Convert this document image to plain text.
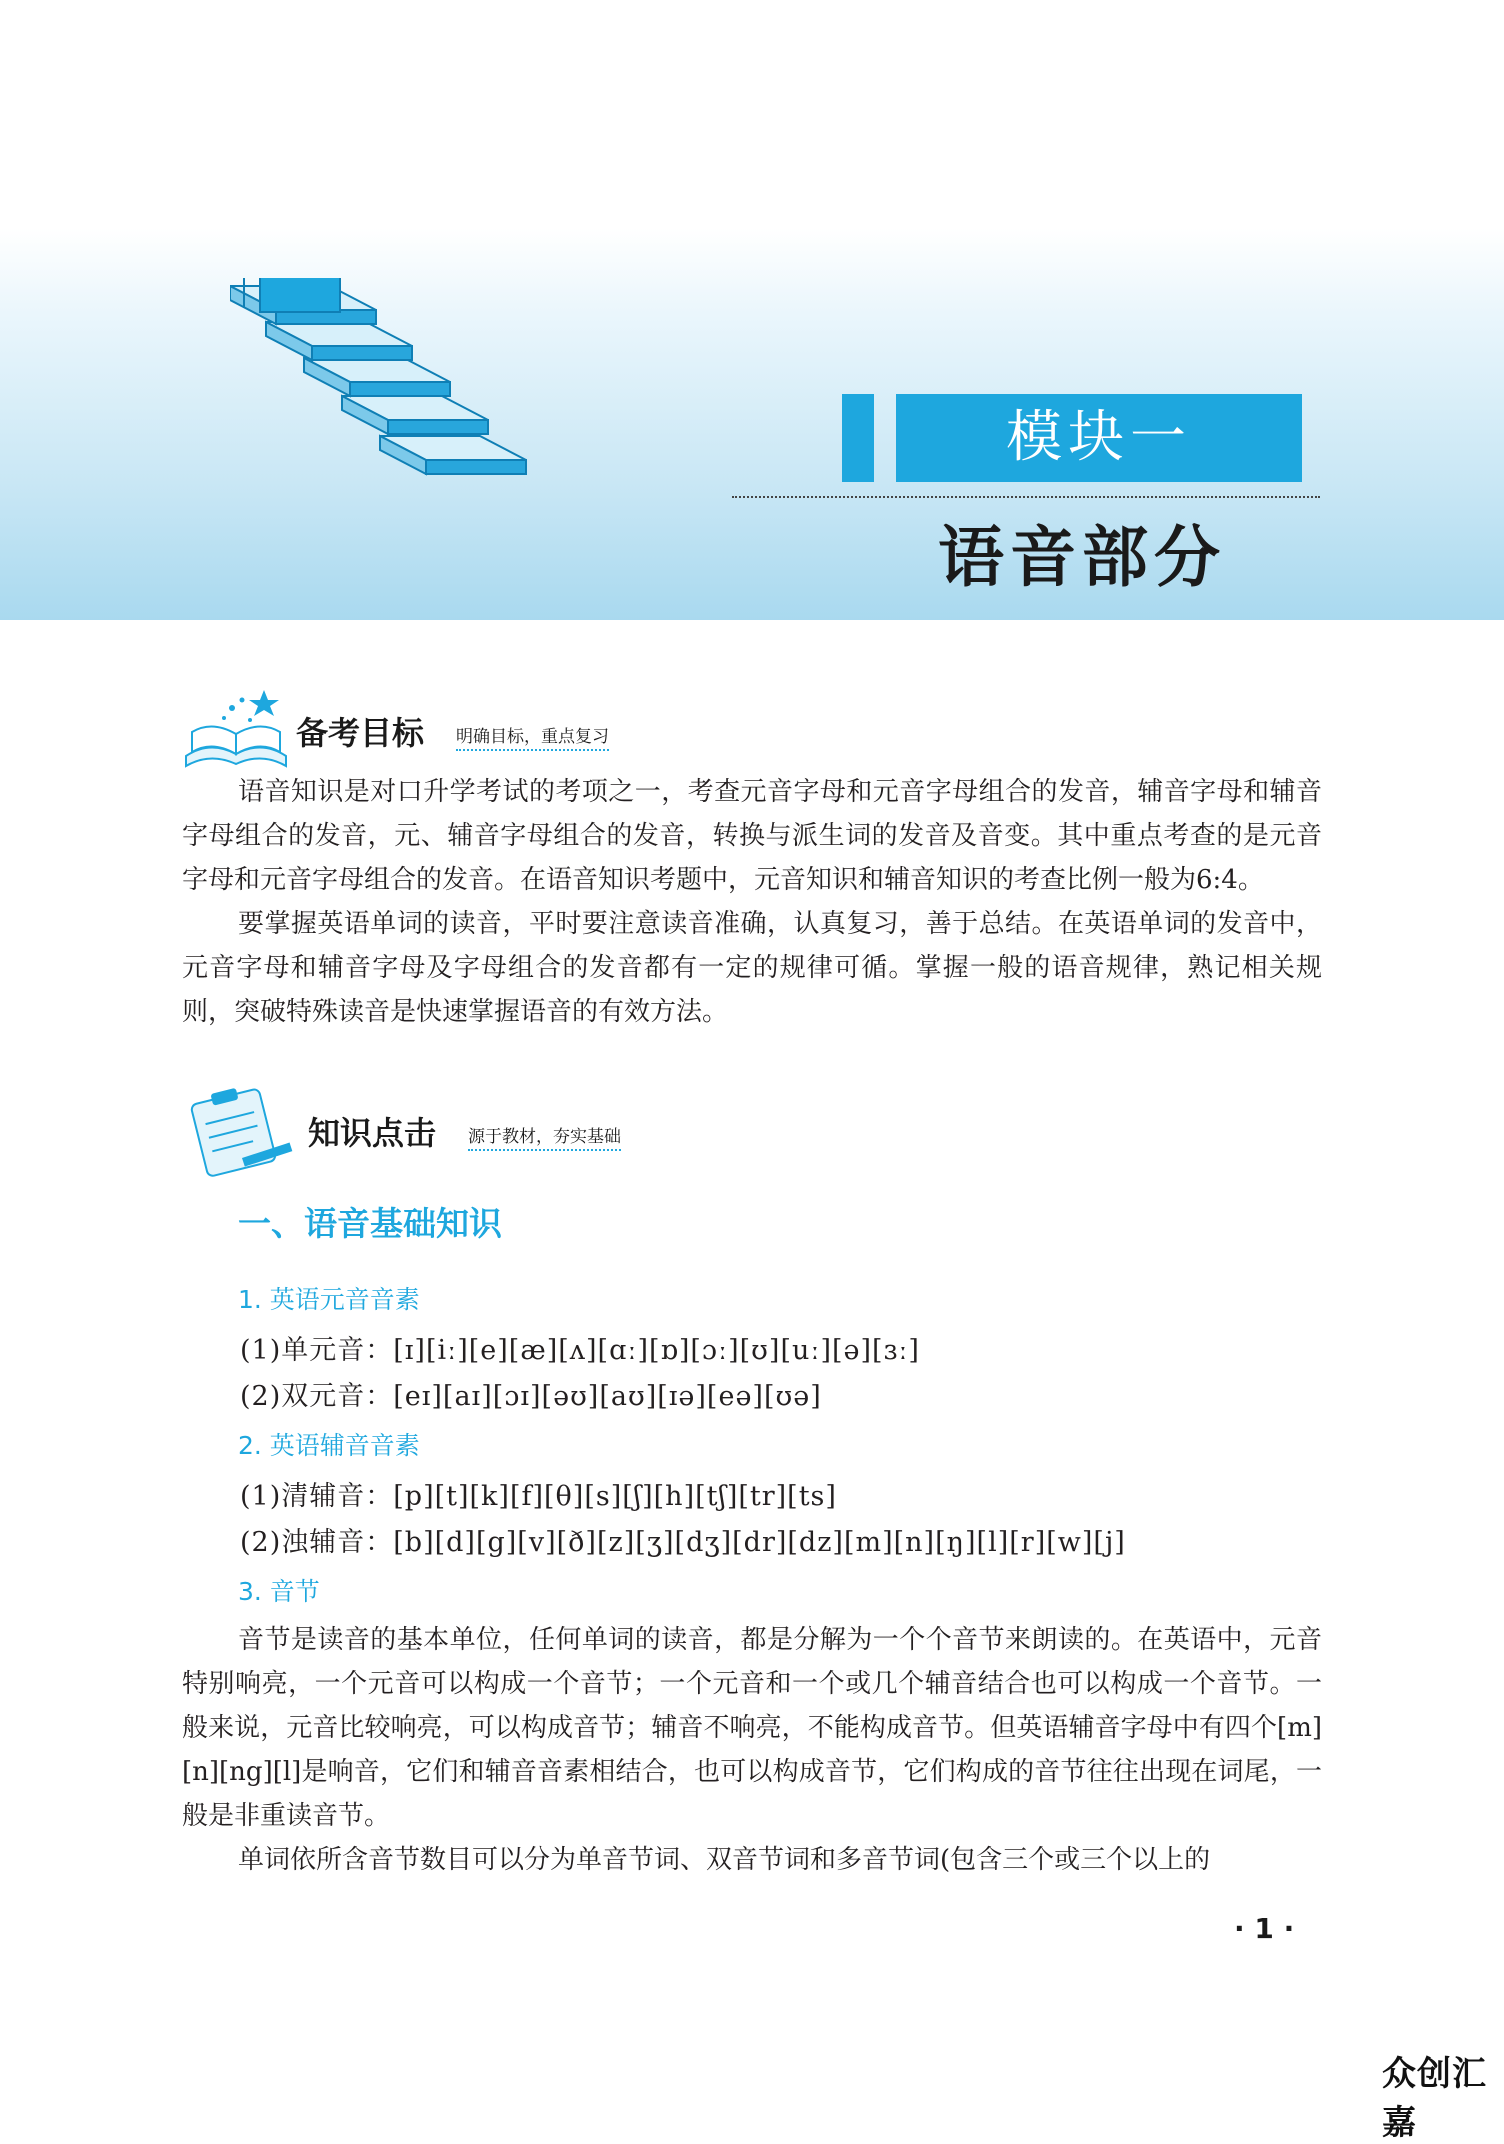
模块一
语音部分
备考目标 明确目标，重点复习

语音知识是对口升学考试的考项之一，考查元音字母和元音字母组合的发音，辅音字母和辅音字母组合的发音，元、辅音字母组合的发音，转换与派生词的发音及音变。其中重点考查的是元音字母和元音字母组合的发音。在语音知识考题中，元音知识和辅音知识的考查比例一般为6:4。

要掌握英语单词的读音，平时要注意读音准确，认真复习，善于总结。在英语单词的发音中，元音字母和辅音字母及字母组合的发音都有一定的规律可循。掌握一般的语音规律，熟记相关规则，突破特殊读音是快速掌握语音的有效方法。

知识点击 源于教材，夯实基础
一、语音基础知识
1. 英语元音音素
(1)单元音：[ɪ][iː][e][æ][ʌ][ɑː][ɒ][ɔː][ʊ][uː][ə][ɜː]
(2)双元音：[eɪ][aɪ][ɔɪ][əʊ][aʊ][ɪə][eə][ʊə]
2. 英语辅音音素
(1)清辅音：[p][t][k][f][θ][s][ʃ][h][tʃ][tr][ts]
(2)浊辅音：[b][d][g][v][ð][z][ʒ][dʒ][dr][dz][m][n][ŋ][l][r][w][j]
3. 音节

音节是读音的基本单位，任何单词的读音，都是分解为一个个音节来朗读的。在英语中，元音特别响亮，一个元音可以构成一个音节；一个元音和一个或几个辅音结合也可以构成一个音节。一般来说，元音比较响亮，可以构成音节；辅音不响亮，不能构成音节。但英语辅音字母中有四个[m][n][ng][l]是响音，它们和辅音音素相结合，也可以构成音节，它们构成的音节往往出现在词尾，一般是非重读音节。

单词依所含音节数目可以分为单音节词、双音节词和多音节词(包含三个或三个以上的

· 1 ·
众创汇嘉
